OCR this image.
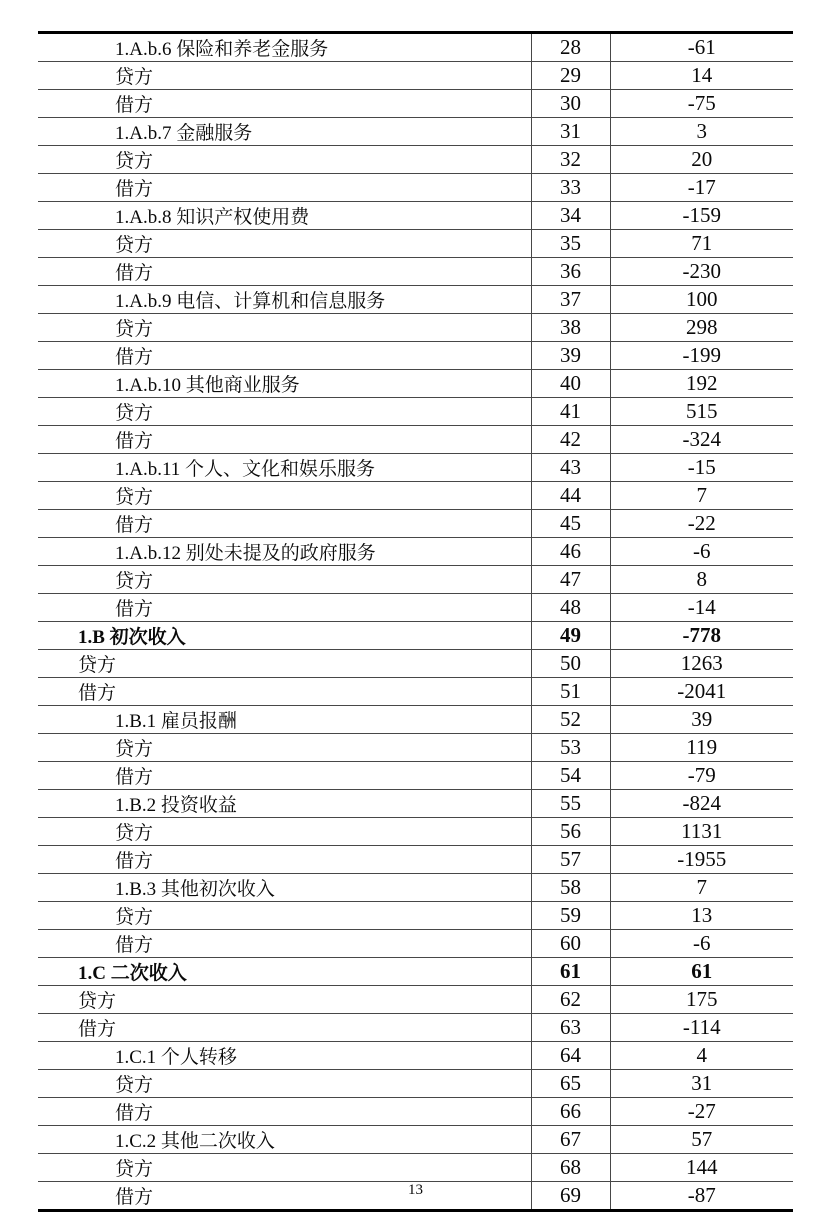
1.A.b.6 保险和养老金服务	28	-61
贷方	29	14
借方	30	-75
1.A.b.7 金融服务	31	3
贷方	32	20
借方	33	-17
1.A.b.8 知识产权使用费	34	-159
贷方	35	71
借方	36	-230
1.A.b.9 电信、计算机和信息服务	37	100
贷方	38	298
借方	39	-199
1.A.b.10 其他商业服务	40	192
贷方	41	515
借方	42	-324
1.A.b.11 个人、文化和娱乐服务	43	-15
贷方	44	7
借方	45	-22
1.A.b.12 别处未提及的政府服务	46	-6
贷方	47	8
借方	48	-14
1.B 初次收入	49	-778
贷方	50	1263
借方	51	-2041
1.B.1 雇员报酬	52	39
贷方	53	119
借方	54	-79
1.B.2 投资收益	55	-824
贷方	56	1131
借方	57	-1955
1.B.3 其他初次收入	58	7
贷方	59	13
借方	60	-6
1.C 二次收入	61	61
贷方	62	175
借方	63	-114
1.C.1 个人转移	64	4
贷方	65	31
借方	66	-27
1.C.2 其他二次收入	67	57
贷方	68	144
借方	69	-87
13
